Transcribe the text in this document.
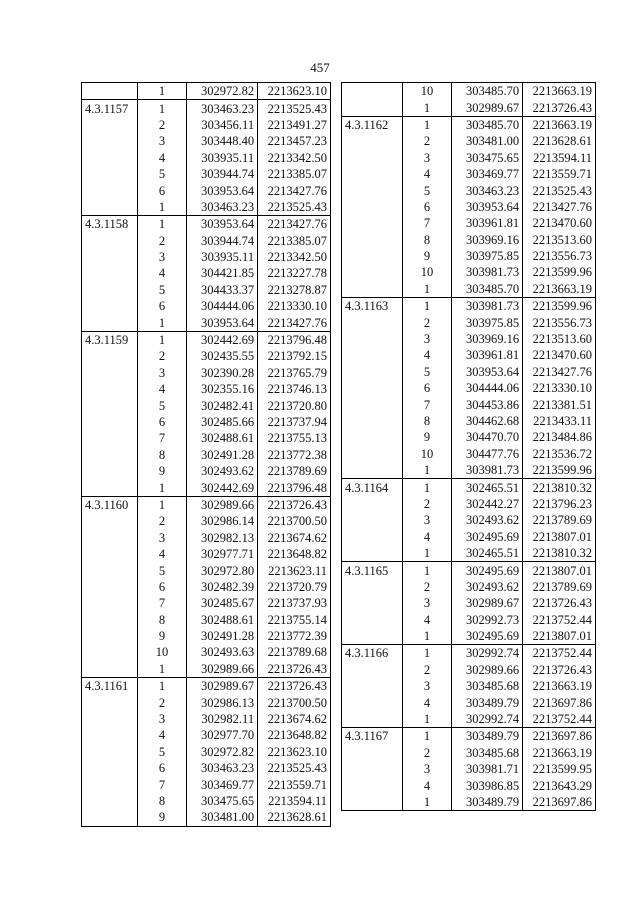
457
	1	302972.82	2213623.10
4.3.1157	1	303463.23	2213525.43
	2	303456.11	2213491.27
	3	303448.40	2213457.23
	4	303935.11	2213342.50
	5	303944.74	2213385.07
	6	303953.64	2213427.76
	1	303463.23	2213525.43
4.3.1158	1	303953.64	2213427.76
	2	303944.74	2213385.07
	3	303935.11	2213342.50
	4	304421.85	2213227.78
	5	304433.37	2213278.87
	6	304444.06	2213330.10
	1	303953.64	2213427.76
4.3.1159	1	302442.69	2213796.48
	2	302435.55	2213792.15
	3	302390.28	2213765.79
	4	302355.16	2213746.13
	5	302482.41	2213720.80
	6	302485.66	2213737.94
	7	302488.61	2213755.13
	8	302491.28	2213772.38
	9	302493.62	2213789.69
	1	302442.69	2213796.48
4.3.1160	1	302989.66	2213726.43
	2	302986.14	2213700.50
	3	302982.13	2213674.62
	4	302977.71	2213648.82
	5	302972.80	2213623.11
	6	302482.39	2213720.79
	7	302485.67	2213737.93
	8	302488.61	2213755.14
	9	302491.28	2213772.39
	10	302493.63	2213789.68
	1	302989.66	2213726.43
4.3.1161	1	302989.67	2213726.43
	2	302986.13	2213700.50
	3	302982.11	2213674.62
	4	302977.70	2213648.82
	5	302972.82	2213623.10
	6	303463.23	2213525.43
	7	303469.77	2213559.71
	8	303475.65	2213594.11
	9	303481.00	2213628.61
	10	303485.70	2213663.19
	1	302989.67	2213726.43
4.3.1162	1	303485.70	2213663.19
	2	303481.00	2213628.61
	3	303475.65	2213594.11
	4	303469.77	2213559.71
	5	303463.23	2213525.43
	6	303953.64	2213427.76
	7	303961.81	2213470.60
	8	303969.16	2213513.60
	9	303975.85	2213556.73
	10	303981.73	2213599.96
	1	303485.70	2213663.19
4.3.1163	1	303981.73	2213599.96
	2	303975.85	2213556.73
	3	303969.16	2213513.60
	4	303961.81	2213470.60
	5	303953.64	2213427.76
	6	304444.06	2213330.10
	7	304453.86	2213381.51
	8	304462.68	2213433.11
	9	304470.70	2213484.86
	10	304477.76	2213536.72
	1	303981.73	2213599.96
4.3.1164	1	302465.51	2213810.32
	2	302442.27	2213796.23
	3	302493.62	2213789.69
	4	302495.69	2213807.01
	1	302465.51	2213810.32
4.3.1165	1	302495.69	2213807.01
	2	302493.62	2213789.69
	3	302989.67	2213726.43
	4	302992.73	2213752.44
	1	302495.69	2213807.01
4.3.1166	1	302992.74	2213752.44
	2	302989.66	2213726.43
	3	303485.68	2213663.19
	4	303489.79	2213697.86
	1	302992.74	2213752.44
4.3.1167	1	303489.79	2213697.86
	2	303485.68	2213663.19
	3	303981.71	2213599.95
	4	303986.85	2213643.29
	1	303489.79	2213697.86
